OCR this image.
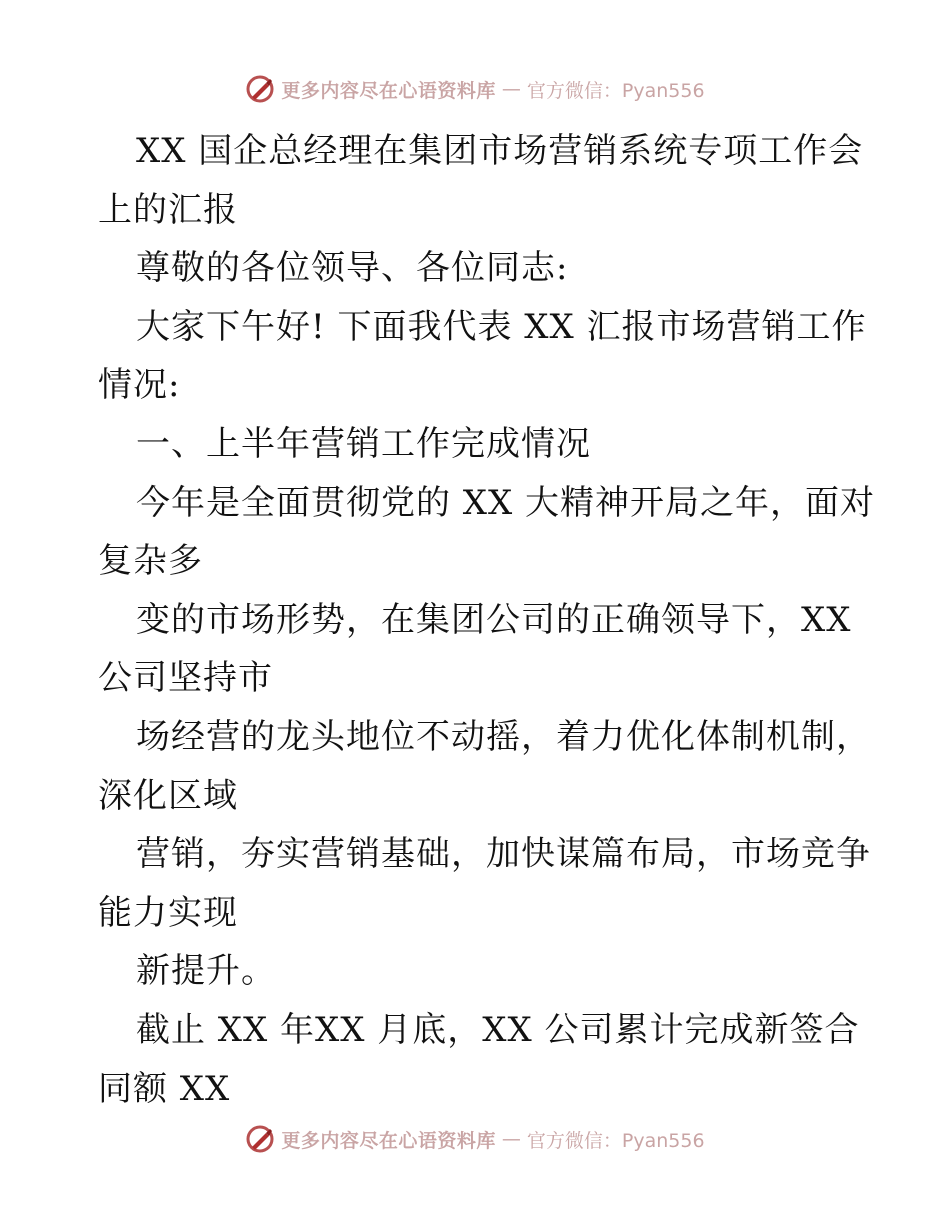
更多内容尽在心语资料库 — 官方微信：Pyan556
XX 国企总经理在集团市场营销系统专项工作会
上的汇报
尊敬的各位领导、各位同志:
大家下午好! 下面我代表 XX 汇报市场营销工作
情况:
一、上半年营销工作完成情况
今年是全面贯彻党的 XX 大精神开局之年，面对
复杂多
变的市场形势，在集团公司的正确领导下，XX
公司坚持市
场经营的龙头地位不动摇，着力优化体制机制，
深化区域
营销，夯实营销基础，加快谋篇布局，市场竞争
能力实现
新提升。
截止 XX 年XX 月底，XX 公司累计完成新签合
同额 XX
更多内容尽在心语资料库 — 官方微信：Pyan556
